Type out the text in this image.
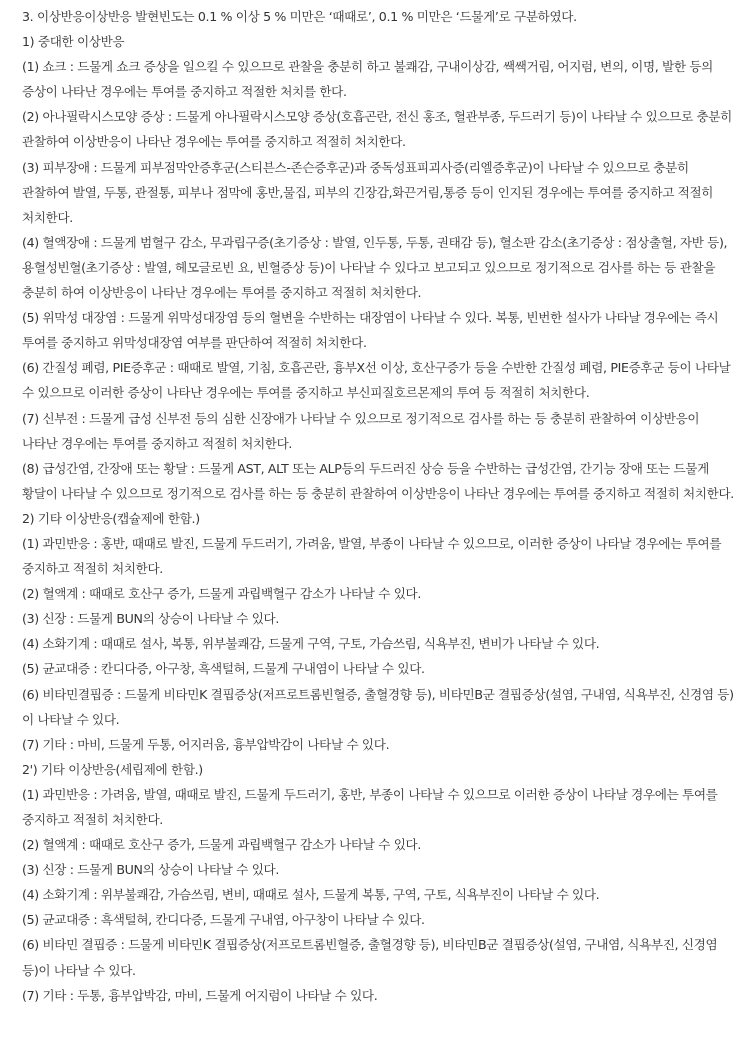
3. 이상반응이상반응 발현빈도는 0.1 % 이상 5 % 미만은 ‘때때로’, 0.1 % 미만은 ‘드물게’로 구분하였다.

1) 중대한 이상반응

(1) 쇼크 : 드물게 쇼크 증상을 일으킬 수 있으므로 관찰을 충분히 하고 불쾌감, 구내이상감, 쌕쌕거림, 어지럼, 변의, 이명, 발한 등의 증상이 나타난 경우에는 투여를 중지하고 적절한 처치를 한다.

(2) 아나필락시스모양 증상 : 드물게 아나필락시스모양 증상(호흡곤란, 전신 홍조, 혈관부종, 두드러기 등)이 나타날 수 있으므로 충분히 관찰하여 이상반응이 나타난 경우에는 투여를 중지하고 적절히 처치한다.

(3) 피부장애 : 드물게 피부점막안증후군(스티븐스-존슨증후군)과 중독성표피괴사증(리엘증후군)이 나타날 수 있으므로 충분히 관찰하여 발열, 두통, 관절통, 피부나 점막에 홍반,물집, 피부의 긴장감,화끈거림,통증 등이 인지된 경우에는 투여를 중지하고 적절히 처치한다.

(4) 혈액장애 : 드물게 범혈구 감소, 무과립구증(초기증상 : 발열, 인두통, 두통, 권태감 등), 혈소판 감소(초기증상 : 점상출혈, 자반 등), 용혈성빈혈(초기증상 : 발열, 헤모글로빈 요, 빈혈증상 등)이 나타날 수 있다고 보고되고 있으므로 정기적으로 검사를 하는 등 관찰을 충분히 하여 이상반응이 나타난 경우에는 투여를 중지하고 적절히 처치한다.

(5) 위막성 대장염 : 드물게 위막성대장염 등의 혈변을 수반하는 대장염이 나타날 수 있다. 복통, 빈번한 설사가 나타날 경우에는 즉시 투여를 중지하고 위막성대장염 여부를 판단하여 적절히 처치한다.

(6) 간질성 폐렴, PIE증후군 : 때때로 발열, 기침, 호흡곤란, 흉부X선 이상, 호산구증가 등을 수반한 간질성 폐렴, PIE증후군 등이 나타날 수 있으므로 이러한 증상이 나타난 경우에는 투여를 중지하고 부신피질호르몬제의 투여 등 적절히 처치한다.

(7) 신부전 : 드물게 급성 신부전 등의 심한 신장애가 나타날 수 있으므로 정기적으로 검사를 하는 등 충분히 관찰하여 이상반응이 나타난 경우에는 투여를 중지하고 적절히 처치한다.

(8) 급성간염, 간장애 또는 황달 : 드물게 AST, ALT 또는 ALP등의 두드러진 상승 등을 수반하는 급성간염, 간기능 장애 또는 드물게 황달이 나타날 수 있으므로 정기적으로 검사를 하는 등 충분히 관찰하여 이상반응이 나타난 경우에는 투여를 중지하고 적절히 처치한다.

2) 기타 이상반응(캡슐제에 한함.)

(1) 과민반응 : 홍반, 때때로 발진, 드물게 두드러기, 가려움, 발열, 부종이 나타날 수 있으므로, 이러한 증상이 나타날 경우에는 투여를 중지하고 적절히 처치한다.

(2) 혈액계 : 때때로 호산구 증가, 드물게 과립백혈구 감소가 나타날 수 있다.

(3) 신장 : 드물게 BUN의 상승이 나타날 수 있다.

(4) 소화기계 : 때때로 설사, 복통, 위부불쾌감, 드물게 구역, 구토, 가슴쓰림, 식욕부진, 변비가 나타날 수 있다.

(5) 균교대증 : 칸디다증, 아구창, 흑색털혀, 드물게 구내염이 나타날 수 있다.

(6) 비타민결핍증 : 드물게 비타민K 결핍증상(저프로트롬빈혈증, 출혈경향 등), 비타민B군 결핍증상(설염, 구내염, 식욕부진, 신경염 등)이 나타날 수 있다.

(7) 기타 : 마비, 드물게 두통, 어지러움, 흉부압박감이 나타날 수 있다.

2') 기타 이상반응(세립제에 한함.)

(1) 과민반응 : 가려움, 발열, 때때로 발진, 드물게 두드러기, 홍반, 부종이 나타날 수 있으므로 이러한 증상이 나타날 경우에는 투여를 중지하고 적절히 처치한다.

(2) 혈액계 : 때때로 호산구 증가, 드물게 과립백혈구 감소가 나타날 수 있다.

(3) 신장 : 드물게 BUN의 상승이 나타날 수 있다.

(4) 소화기계 : 위부불쾌감, 가슴쓰림, 변비, 때때로 설사, 드물게 복통, 구역, 구토, 식욕부진이 나타날 수 있다.

(5) 균교대증 : 흑색털혀, 칸디다증, 드물게 구내염, 아구창이 나타날 수 있다.

(6) 비타민 결핍증 : 드물게 비타민K 결핍증상(저프로트롬빈혈증, 출혈경향 등), 비타민B군 결핍증상(설염, 구내염, 식욕부진, 신경염 등)이 나타날 수 있다.

(7) 기타 : 두통, 흉부압박감, 마비, 드물게 어지럼이 나타날 수 있다.
